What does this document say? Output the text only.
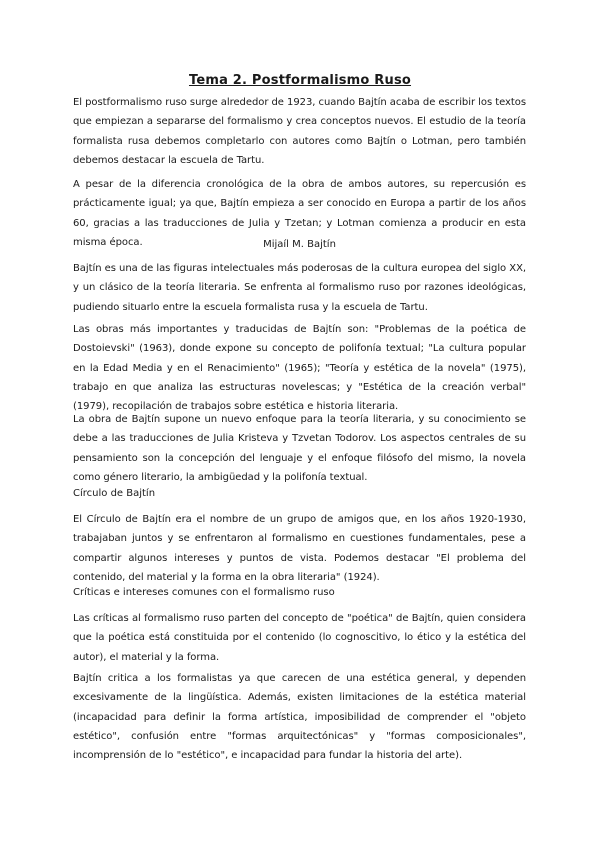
Tema 2. Postformalismo Ruso

El postformalismo ruso surge alrededor de 1923, cuando Bajtín acaba de escribir los textos que empiezan a separarse del formalismo y crea conceptos nuevos. El estudio de la teoría formalista rusa debemos completarlo con autores como Bajtín o Lotman, pero también debemos destacar la escuela de Tartu.

A pesar de la diferencia cronológica de la obra de ambos autores, su repercusión es prácticamente igual; ya que, Bajtín empieza a ser conocido en Europa a partir de los años 60, gracias a las traducciones de Julia y Tzetan; y Lotman comienza a producir en esta misma época.	Mijaíl M. Bajtín

Bajtín es una de las figuras intelectuales más poderosas de la cultura europea del siglo XX, y un clásico de la teoría literaria. Se enfrenta al formalismo ruso por razones ideológicas, pudiendo situarlo entre la escuela formalista rusa y la escuela de Tartu.

Las obras más importantes y traducidas de Bajtín son: "Problemas de la poética de Dostoievski" (1963), donde expone su concepto de polifonía textual; "La cultura popular en la Edad Media y en el Renacimiento" (1965); "Teoría y estética de la novela" (1975), trabajo en que analiza las estructuras novelescas; y "Estética de la creación verbal" (1979), recopilación de trabajos sobre estética e historia literaria.

La obra de Bajtín supone un nuevo enfoque para la teoría literaria, y su conocimiento se debe a las traducciones de Julia Kristeva y Tzvetan Todorov. Los aspectos centrales de su pensamiento son la concepción del lenguaje y el enfoque filósofo del mismo, la novela como género literario, la ambigüedad y la polifonía textual.

Círculo de Bajtín

El Círculo de Bajtín era el nombre de un grupo de amigos que, en los años 1920-1930, trabajaban juntos y se enfrentaron al formalismo en cuestiones fundamentales, pese a compartir algunos intereses y puntos de vista. Podemos destacar "El problema del contenido, del material y la forma en la obra literaria" (1924).

Críticas e intereses comunes con el formalismo ruso

Las críticas al formalismo ruso parten del concepto de "poética" de Bajtín, quien considera que la poética está constituida por el contenido (lo cognoscitivo, lo ético y la estética del autor), el material y la forma.

Bajtín critica a los formalistas ya que carecen de una estética general, y dependen excesivamente de la lingüística. Además, existen limitaciones de la estética material (incapacidad para definir la forma artística, imposibilidad de comprender el "objeto estético", confusión entre "formas arquitectónicas" y "formas composicionales", incomprensión de lo "estético", e incapacidad para fundar la historia del arte).
